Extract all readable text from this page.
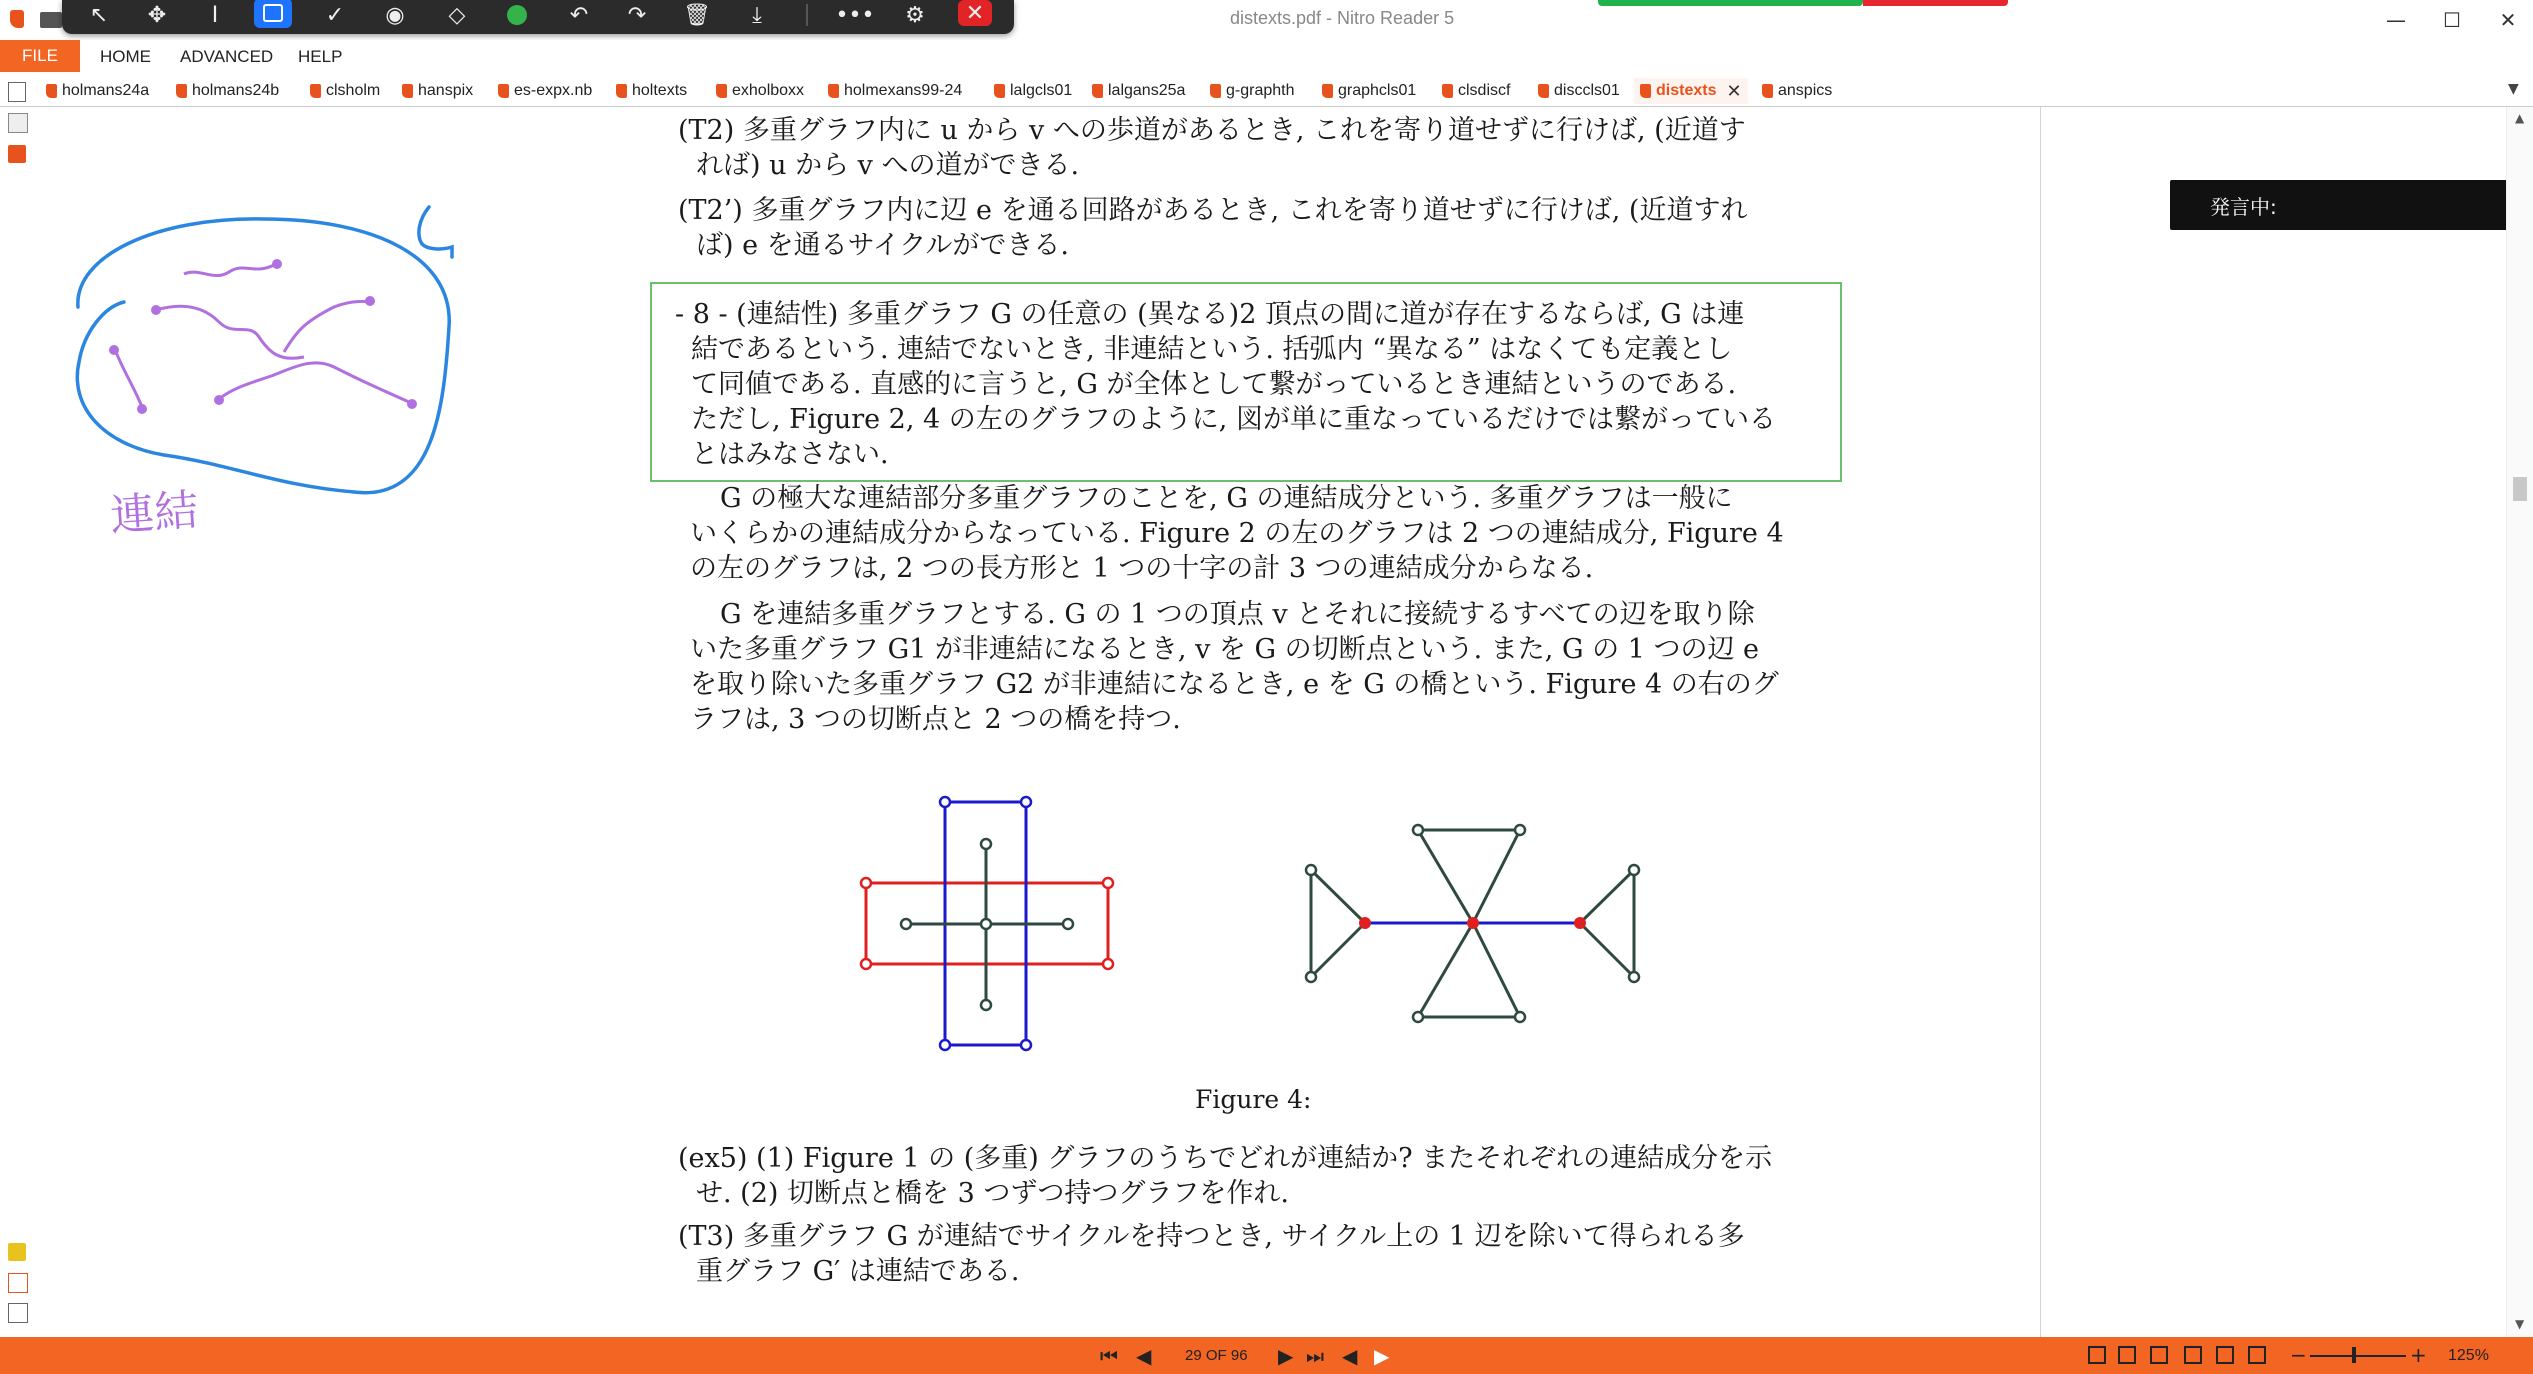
distexts.pdf - Nitro Reader 5	—	☐	✕
↖	✥	I	✓	◉	◇	↶	↷	🗑	⤓	•••	⚙	✕
FILE	HOME ADVANCED HELP
holmans24a	holmans24b	clsholm hanspix	es-expx.nb holtexts	exholboxx holmexans99-24	lalgcls01 lalgans25a	g-graphth	graphcls01	clsdiscf	disccls01 distexts ✕ anspics	▼
連結
(T2) 多重グラフ内に u から v への歩道があるとき, これを寄り道せずに行けば, (近道す
れば) u から v への道ができる.
(T2’) 多重グラフ内に辺 e を通る回路があるとき, これを寄り道せずに行けば, (近道すれ
ば) e を通るサイクルができる.
- 8 - (連結性) 多重グラフ G の任意の (異なる)2 頂点の間に道が存在するならば, G は連
結であるという. 連結でないとき, 非連結という. 括弧内 “異なる” はなくても定義とし
て同値である. 直感的に言うと, G が全体として繋がっているとき連結というのである.
ただし, Figure 2, 4 の左のグラフのように, 図が単に重なっているだけでは繋がっている
とはみなさない.
G の極大な連結部分多重グラフのことを, G の連結成分という. 多重グラフは一般に
いくらかの連結成分からなっている. Figure 2 の左のグラフは 2 つの連結成分, Figure 4
の左のグラフは, 2 つの長方形と 1 つの十字の計 3 つの連結成分からなる.
G を連結多重グラフとする. G の 1 つの頂点 v とそれに接続するすべての辺を取り除
いた多重グラフ G1 が非連結になるとき, v を G の切断点という. また, G の 1 つの辺 e
を取り除いた多重グラフ G2 が非連結になるとき, e を G の橋という. Figure 4 の右のグ
ラフは, 3 つの切断点と 2 つの橋を持つ.
Figure 4:
(ex5) (1) Figure 1 の (多重) グラフのうちでどれが連結か? またそれぞれの連結成分を示
せ. (2) 切断点と橋を 3 つずつ持つグラフを作れ.
(T3) 多重グラフ G が連結でサイクルを持つとき, サイクル上の 1 辺を除いて得られる多
重グラフ G′ は連結である.
発言中:
▲
▼
⏮ ◀ 29 OF 96 ▶ ⏭ ◀ ▶	−	+ 125%
